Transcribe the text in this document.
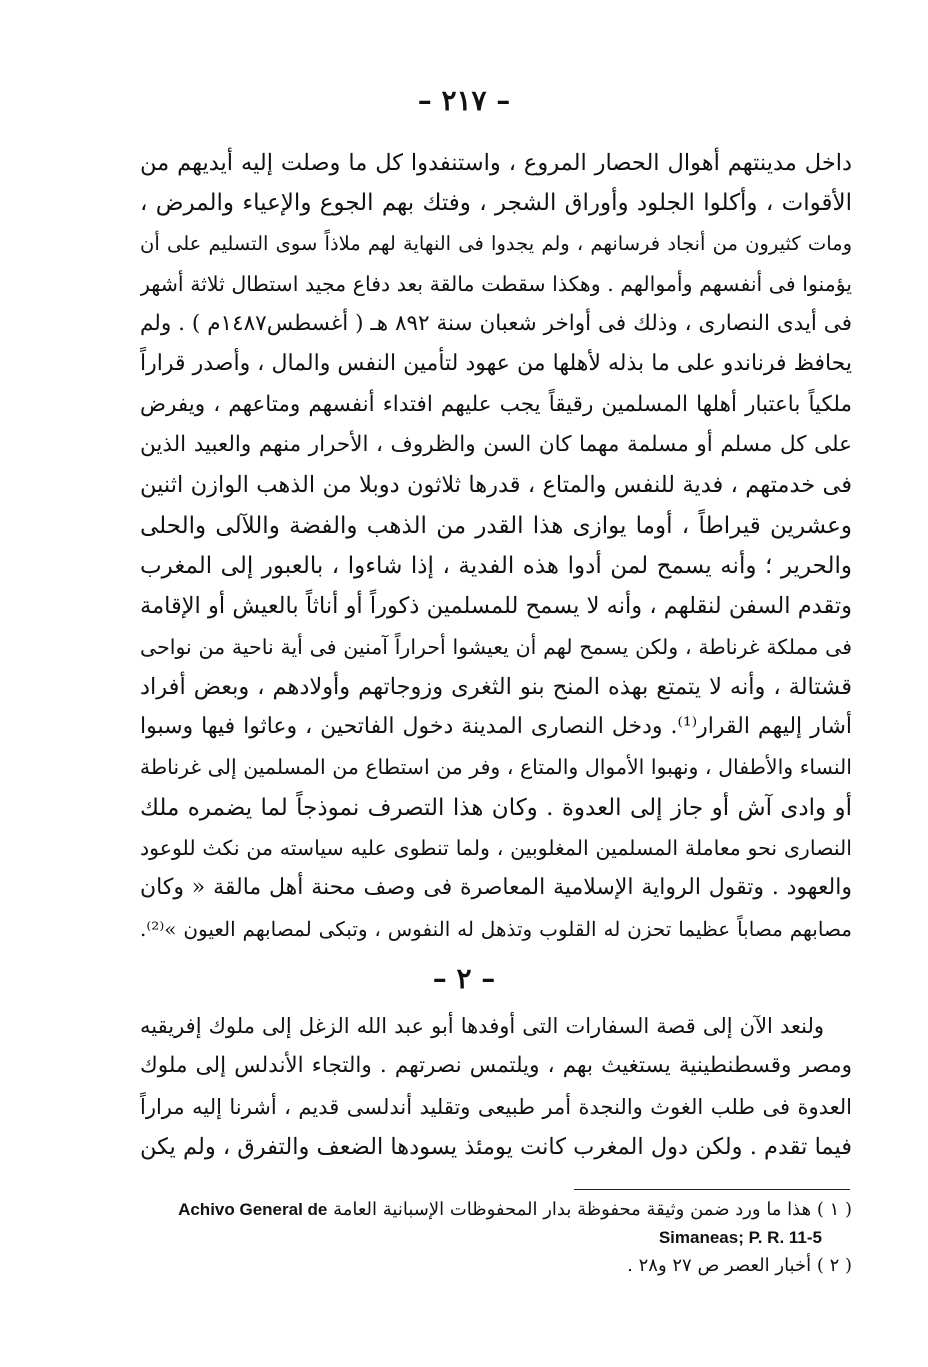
– ٢١٧ –
داخل مدينتهم أهوال الحصار المروع ، واستنفدوا كل ما وصلت إليه أيديهم من
الأقوات ، وأكلوا الجلود وأوراق الشجر ، وفتك بهم الجوع والإعياء والمرض ،
ومات كثيرون من أنجاد فرسانهم ، ولم يجدوا فى النهاية لهم ملاذاً سوى التسليم على أن
يؤمنوا فى أنفسهم وأموالهم . وهكذا سقطت مالقة بعد دفاع مجيد استطال ثلاثة أشهر
فى أيدى النصارى ، وذلك فى أواخر شعبان سنة ٨٩٢ هـ ( أغسطس١٤٨٧م ) . ولم
يحافظ فرناندو على ما بذله لأهلها من عهود لتأمين النفس والمال ، وأصدر قراراً
ملكياً باعتبار أهلها المسلمين رقيقاً يجب عليهم افتداء أنفسهم ومتاعهم ، ويفرض
على كل مسلم أو مسلمة مهما كان السن والظروف ، الأحرار منهم والعبيد الذين
فى خدمتهم ، فدية للنفس والمتاع ، قدرها ثلاثون دوبلا من الذهب الوازن اثنين
وعشرين قيراطاً ، أوما يوازى هذا القدر من الذهب والفضة واللآلى والحلى
والحرير ؛ وأنه يسمح لمن أدوا هذه الفدية ، إذا شاءوا ، بالعبور إلى المغرب
وتقدم السفن لنقلهم ، وأنه لا يسمح للمسلمين ذكوراً أو أناثاً بالعيش أو الإقامة
فى مملكة غرناطة ، ولكن يسمح لهم أن يعيشوا أحراراً آمنين فى أية ناحية من نواحى
قشتالة ، وأنه لا يتمتع بهذه المنح بنو الثغرى وزوجاتهم وأولادهم ، وبعض أفراد
أشار إليهم القرار⁽¹⁾. ودخل النصارى المدينة دخول الفاتحين ، وعاثوا فيها وسبوا
النساء والأطفال ، ونهبوا الأموال والمتاع ، وفر من استطاع من المسلمين إلى غرناطة
أو وادى آش أو جاز إلى العدوة . وكان هذا التصرف نموذجاً لما يضمره ملك
النصارى نحو معاملة المسلمين المغلوبين ، ولما تنطوى عليه سياسته من نكث للوعود
والعهود . وتقول الرواية الإسلامية المعاصرة فى وصف محنة أهل مالقة « وكان
مصابهم مصاباً عظيما تحزن له القلوب وتذهل له النفوس ، وتبكى لمصابهم العيون »⁽²⁾.
– ٢ –
ولنعد الآن إلى قصة السفارات التى أوفدها أبو عبد الله الزغل إلى ملوك إفريقيه
ومصر وقسطنطينية يستغيث بهم ، ويلتمس نصرتهم . والتجاء الأندلس إلى ملوك
العدوة فى طلب الغوث والنجدة أمر طبيعى وتقليد أندلسى قديم ، أشرنا إليه مراراً
فيما تقدم . ولكن دول المغرب كانت يومئذ يسودها الضعف والتفرق ، ولم يكن
( ١ ) هذا ما ورد ضمن وثيقة محفوظة بدار المحفوظات الإسبانية العامة Achivo General de
Simaneas; P. R. 11-5
( ٢ ) أخبار العصر ص ٢٧ و٢٨ .
